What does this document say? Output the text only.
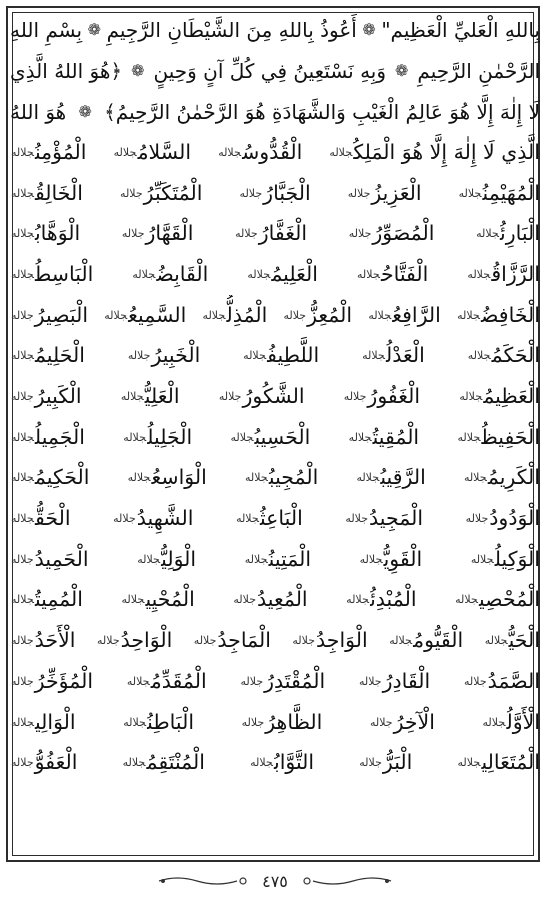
بِاللهِ الْعَليِّ الْعَظِيم"
❁
أَعُوذُ بِاللهِ مِنَ الشَّيْطَانِ الرَّجِيمِ
❁
بِسْمِ اللهِ
الرَّحْمٰنِ الرَّحِيمِ
❁
وَبِهِ نَسْتَعِينُ فِي كُلِّ آنٍ وَحِينٍ
❁
﴿هُوَ اللهُ الَّذِي
لَا إِلٰهَ إِلَّا هُوَ عَالِمُ الْغَيْبِ وَالشَّهَادَةِ هُوَ الرَّحْمٰنُ الرَّحِيمُ﴾
❁
هُوَ اللهُ
الَّذِي لَا إِلٰهَ إِلَّا هُوَ الْمَلِكُجلاله
الْقُدُّوسُجلاله
السَّلامُجلاله
الْمُؤْمِنُجلاله
الْمُهَيْمِنُجلاله
الْعَزِيزُجلاله
الْجَبَّارُجلاله
الْمُتَكَبِّرُجلاله
الْخَالِقُجلاله
الْبَارِئُجلاله
الْمُصَوِّرُجلاله
الْغَفَّارُجلاله
الْقَهَّارُجلاله
الْوَهَّابُجلاله
الرَّزَّاقُجلاله
الْفَتَّاحُجلاله
الْعَلِيمُجلاله
الْقَابِضُجلاله
الْبَاسِطُجلاله
الْخَافِضُجلاله
الرَّافِعُجلاله
الْمُعِزُّجلاله
الْمُذِلُّجلاله
السَّمِيعُجلاله
الْبَصِيرُجلاله
الْحَكَمُجلاله
الْعَدْلُجلاله
اللَّطِيفُجلاله
الْخَبِيرُجلاله
الْحَلِيمُجلاله
الْعَظِيمُجلاله
الْغَفُورُجلاله
الشَّكُورُجلاله
الْعَلِيُّجلاله
الْكَبِيرُجلاله
الْحَفِيظُجلاله
الْمُقِيتُجلاله
الْحَسِيبُجلاله
الْجَلِيلُجلاله
الْجَمِيلُجلاله
الْكَرِيمُجلاله
الرَّقِيبُجلاله
الْمُجِيبُجلاله
الْوَاسِعُجلاله
الْحَكِيمُجلاله
الْوَدُودُجلاله
الْمَجِيدُجلاله
الْبَاعِثُجلاله
الشَّهِيدُجلاله
الْحَقُّجلاله
الْوَكِيلُجلاله
الْقَوِيُّجلاله
الْمَتِينُجلاله
الْوَلِيُّجلاله
الْحَمِيدُجلاله
الْمُحْصِيجلاله
الْمُبْدِئُجلاله
الْمُعِيدُجلاله
الْمُحْيِيجلاله
الْمُمِيتُجلاله
الْحَيُّجلاله
الْقَيُّومُجلاله
الْوَاجِدُجلاله
الْمَاجِدُجلاله
الْوَاحِدُجلاله
الْأَحَدُجلاله
الصَّمَدُجلاله
الْقَادِرُجلاله
الْمُقْتَدِرُجلاله
الْمُقَدِّمُجلاله
الْمُؤَخِّرُجلاله
الْأَوَّلُجلاله
الْآخِرُجلاله
الظَّاهِرُجلاله
الْبَاطِنُجلاله
الْوَالِيجلاله
الْمُتَعَالِيجلاله
الْبَرُّجلاله
التَّوَّابُجلاله
الْمُنْتَقِمُجلاله
الْعَفُوُّجلاله
٤٧٥
